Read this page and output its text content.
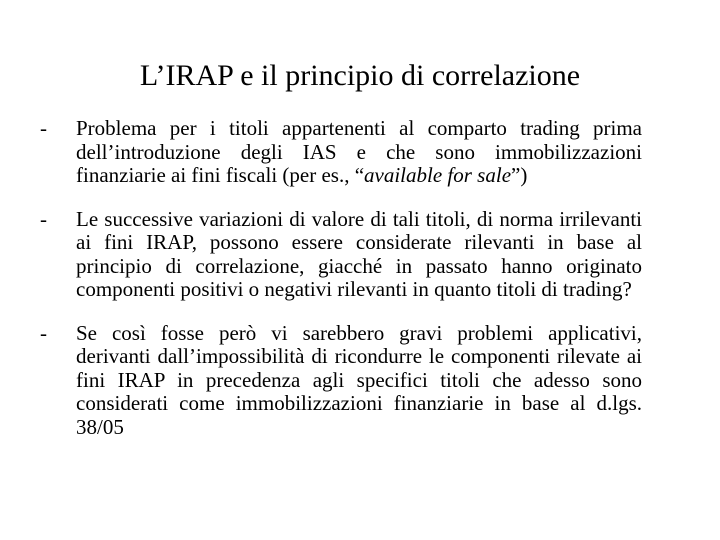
L’IRAP e il principio di correlazione
-	Problema per i titoli appartenenti al comparto trading prima dell’introduzione degli IAS e che sono immobilizzazioni finanziarie ai fini fiscali (per es., “available for sale”)
-	Le successive variazioni di valore di tali titoli, di norma irrilevanti ai fini IRAP, possono essere considerate rilevanti in base al principio di correlazione, giacché in passato hanno originato componenti positivi o negativi rilevanti in quanto titoli di trading?
-	Se così fosse però vi sarebbero gravi problemi applicativi, derivanti dall’impossibilità di ricondurre le componenti rilevate ai fini IRAP in precedenza agli specifici titoli che adesso sono considerati come immobilizzazioni finanziarie in base al d.lgs. 38/05
